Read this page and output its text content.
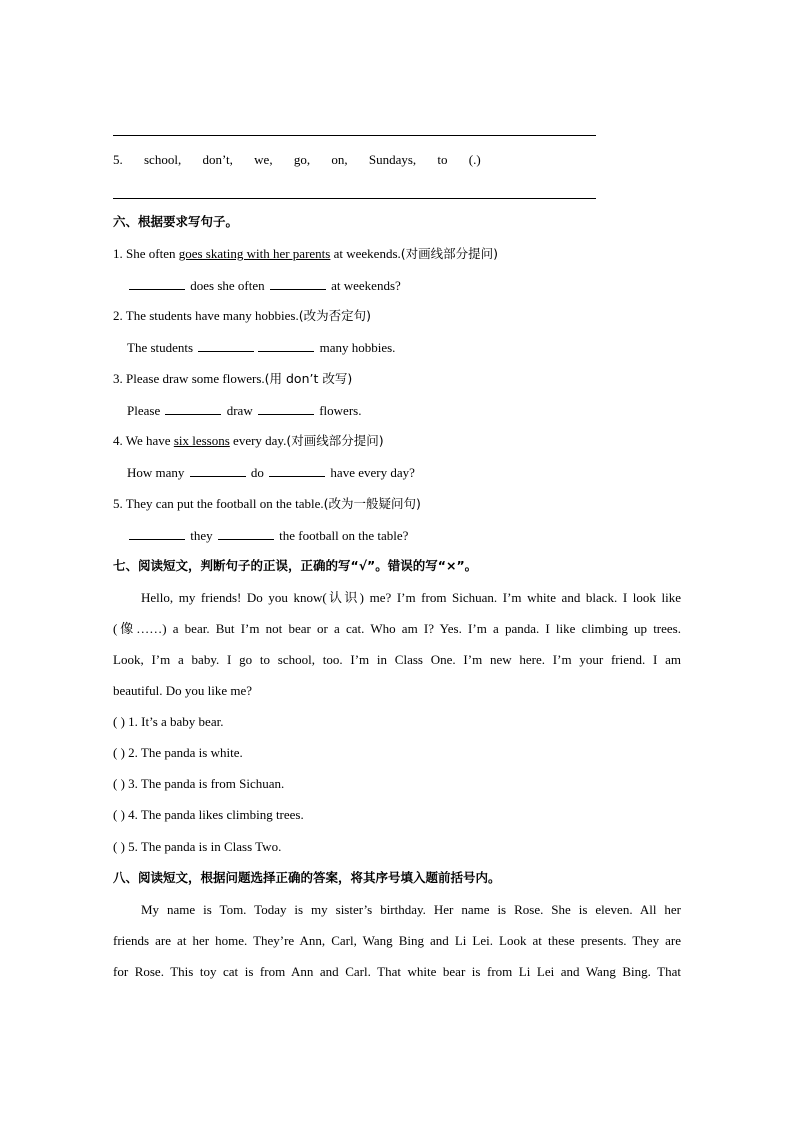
5. school, don’t, we, go, on, Sundays, to (.)
六、根据要求写句子。
1. She often goes skating with her parents at weekends.(对画线部分提问)
does she often	at weekends?
2. The students have many hobbies.(改为否定句)
The students	many hobbies.
3. Please draw some flowers.(用 don’t 改写)
Please	draw	flowers.
4. We have six lessons every day.(对画线部分提问)
How many	do	have every day?
5. They can put the football on the table.(改为一般疑问句)
they	the football on the table?
七、阅读短文，判断句子的正误，正确的写“√”。错误的写“×”。

Hello, my friends! Do you know(认识) me? I’m from Sichuan. I’m white and black. I look like

(像……) a bear. But I’m not bear or a cat. Who am I? Yes. I’m a panda. I like climbing up trees.

Look, I’m a baby. I go to school, too. I’m in Class One. I’m new here. I’m your friend. I am

beautiful. Do you like me?

( ) 1. It’s a baby bear.
( ) 2. The panda is white.
( ) 3. The panda is from Sichuan.
( ) 4. The panda likes climbing trees.
( ) 5. The panda is in Class Two.
八、阅读短文，根据问题选择正确的答案，将其序号填入题前括号内。

My name is Tom. Today is my sister’s birthday. Her name is Rose. She is eleven. All her

friends are at her home. They’re Ann, Carl, Wang Bing and Li Lei. Look at these presents. They are

for Rose. This toy cat is from Ann and Carl. That white bear is from Li Lei and Wang Bing. That
